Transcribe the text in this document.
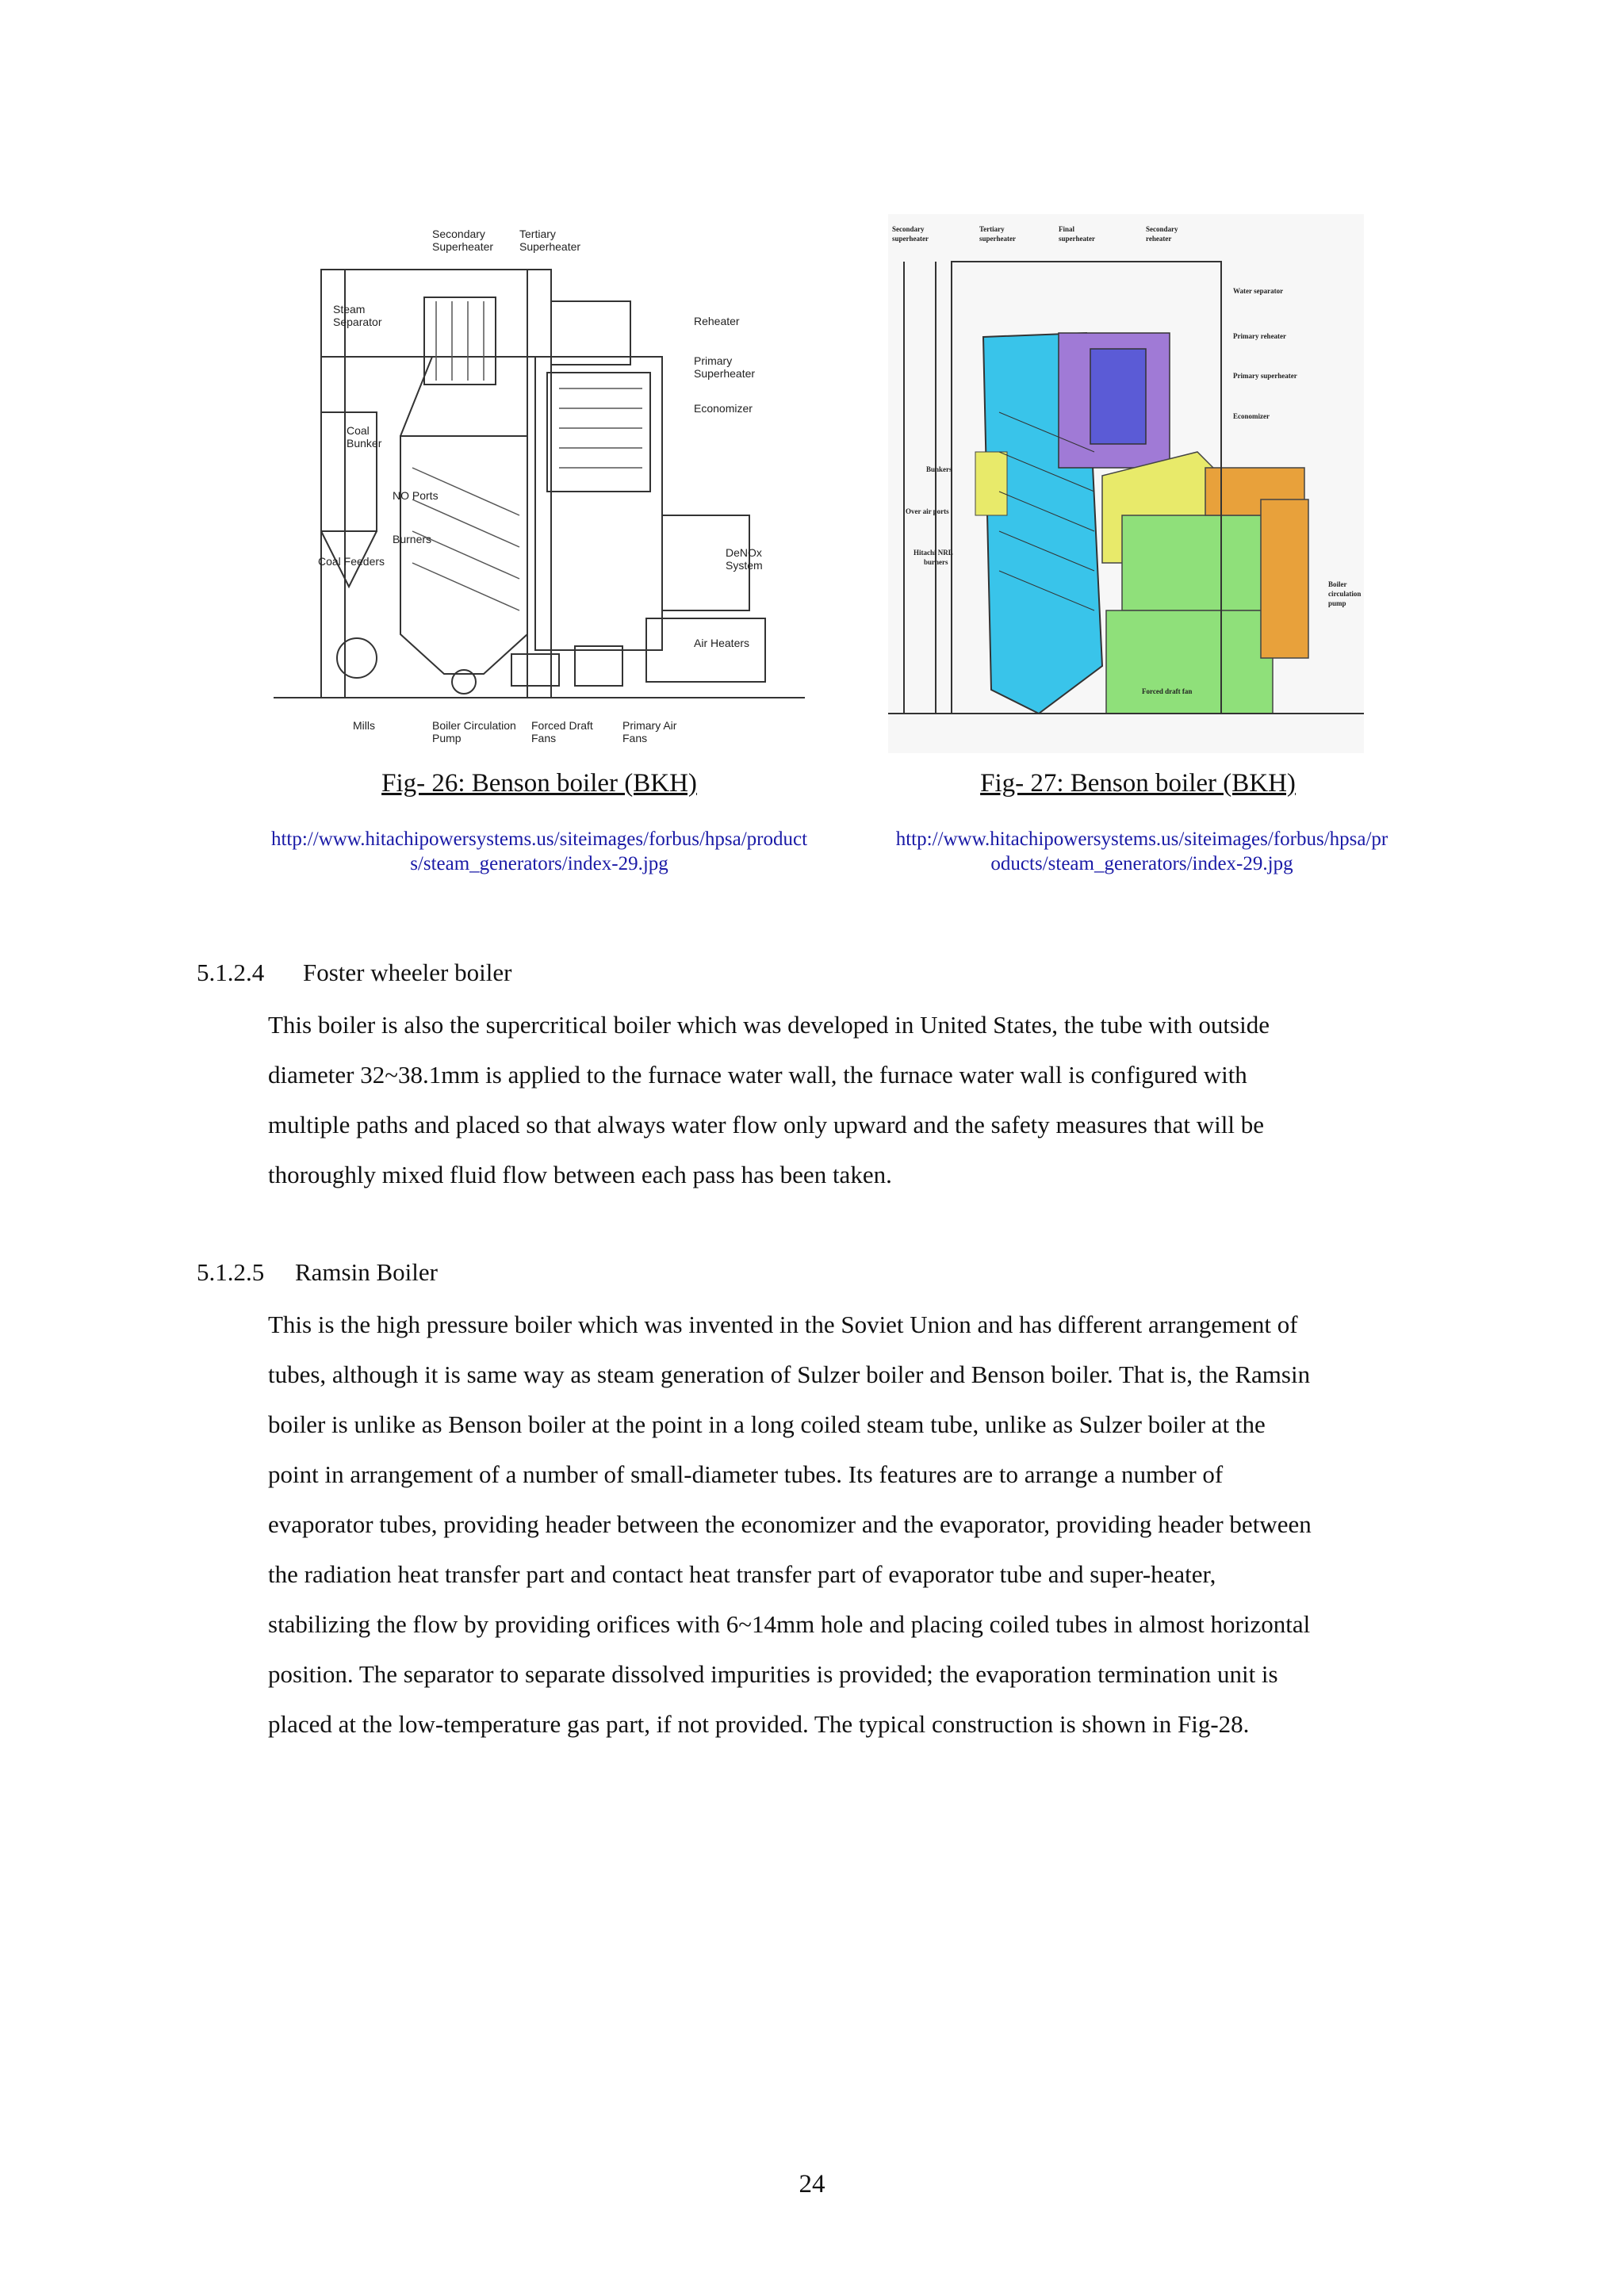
Secondary
Superheater
Tertiary
Superheater
Steam
Separator	Reheater
Primary
Superheater
Economizer
Coal
Bunker
NO Ports
Burners
Coal Feeders
DeNOx
System
Air Heaters
Mills	Boiler Circulation
Pump
Forced Draft
Fans
Primary Air
Fans
Secondary
superheater
Tertiary
superheater
Final
superheater
Secondary
reheater
Water separator
Primary reheater
Primary superheater
Economizer
Bunkers
Over air ports
Hitachi NRL
burners
Boiler
circulation
pump
Forced draft fan
Fig- 26: Benson boiler (BKH)	Fig- 27: Benson boiler (BKH)
http://www.hitachipowersystems.us/siteimages/forbus/hpsa/product
s/steam_generators/index-29.jpg
http://www.hitachipowersystems.us/siteimages/forbus/hpsa/pr
oducts/steam_generators/index-29.jpg
5.1.2.4 Foster wheeler boiler
This boiler is also the supercritical boiler which was developed in United States, the tube with outside
diameter 32~38.1mm is applied to the furnace water wall, the furnace water wall is configured with
multiple paths and placed so that always water flow only upward and the safety measures that will be
thoroughly mixed fluid flow between each pass has been taken.
5.1.2.5 Ramsin Boiler
This is the high pressure boiler which was invented in the Soviet Union and has different arrangement of
tubes, although it is same way as steam generation of Sulzer boiler and Benson boiler. That is, the Ramsin
boiler is unlike as Benson boiler at the point in a long coiled steam tube, unlike as Sulzer boiler at the
point in arrangement of a number of small-diameter tubes. Its features are to arrange a number of
evaporator tubes, providing header between the economizer and the evaporator, providing header between
the radiation heat transfer part and contact heat transfer part of evaporator tube and super-heater,
stabilizing the flow by providing orifices with 6~14mm hole and placing coiled tubes in almost horizontal
position. The separator to separate dissolved impurities is provided; the evaporation termination unit is
placed at the low-temperature gas part, if not provided. The typical construction is shown in Fig-28.
24
